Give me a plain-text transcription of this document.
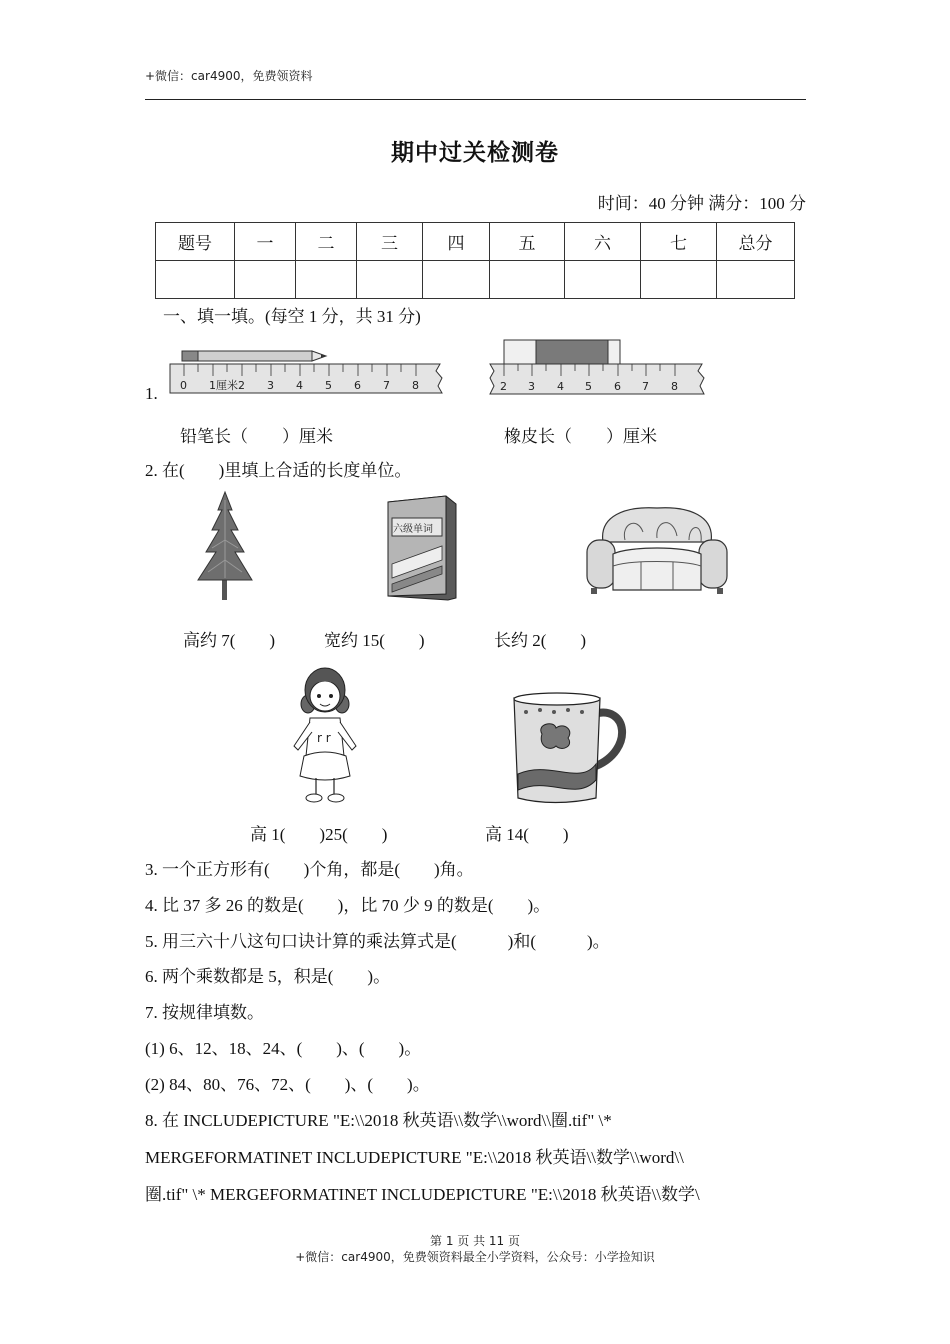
+微信：car4900，免费领资料
期中过关检测卷
时间：40 分钟 满分：100 分
题号	一	二	三	四	五	六	七	总分

一、填一填。(每空 1 分，共 31 分)
1. 0 1厘米2 3 4 5 6 7 8	2 3 4 5 6 7 8
铅笔长（　　）厘米	橡皮长（　　）厘米
2. 在(　　)里填上合适的长度单位。
六级单词
高约 7(　　)	宽约 15(　　)	长约 2(　　)
r r
高 1(　　)25(　　)	高 14(　　)
3. 一个正方形有(　　)个角，都是(　　)角。
4. 比 37 多 26 的数是(　　)，比 70 少 9 的数是(　　)。
5. 用三六十八这句口诀计算的乘法算式是(　　　)和(　　　)。
6. 两个乘数都是 5，积是(　　)。
7. 按规律填数。
(1) 6、12、18、24、(　　)、(　　)。
(2) 84、80、76、72、(　　)、(　　)。
8. 在 INCLUDEPICTURE "E:\\2018 秋英语\\数学\\word\\圈.tif" \*
MERGEFORMATINET INCLUDEPICTURE "E:\\2018 秋英语\\数学\\word\\
圈.tif" \* MERGEFORMATINET INCLUDEPICTURE "E:\\2018 秋英语\\数学\
第 1 页 共 11 页
+微信：car4900，免费领资料最全小学资料，公众号：小学捡知识
